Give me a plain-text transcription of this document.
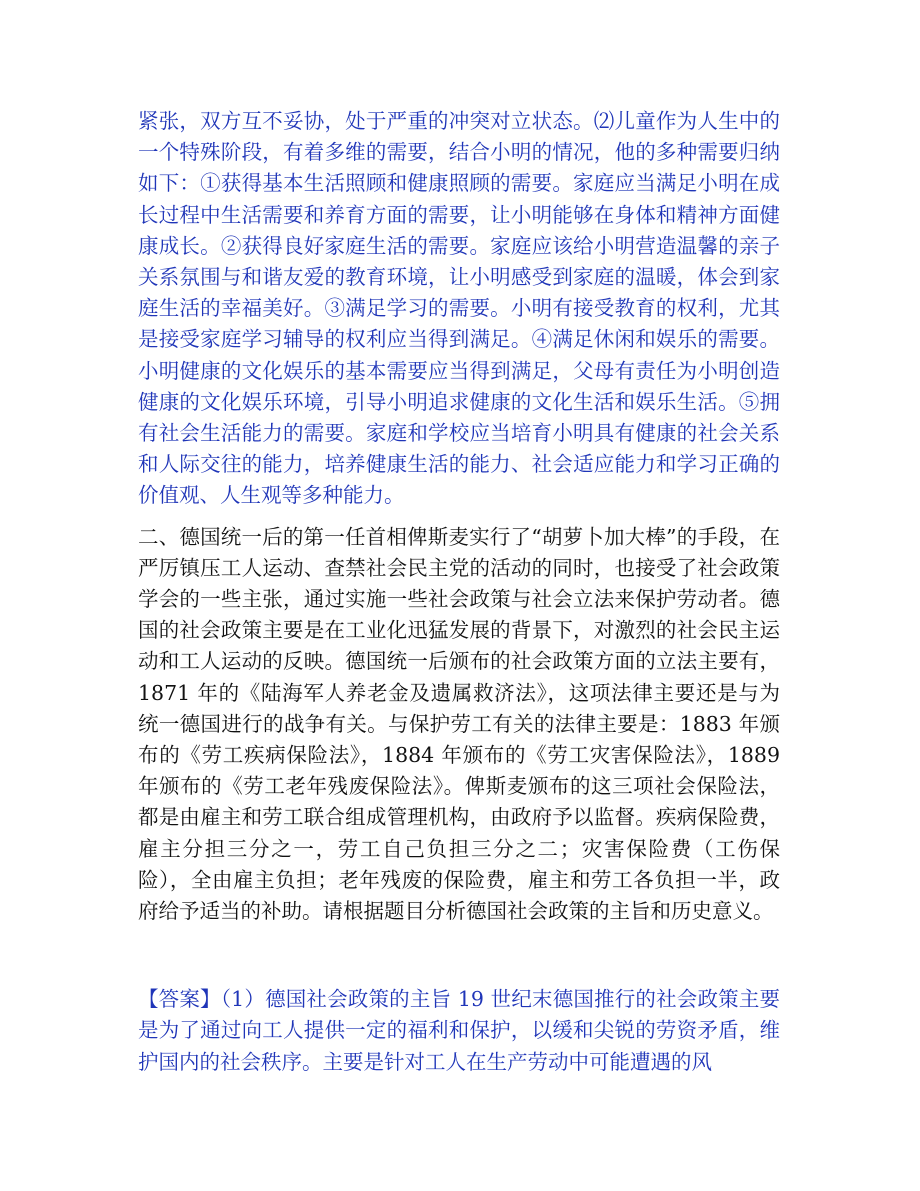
紧张，双方互不妥协，处于严重的冲突对立状态。⑵儿童作为人生中的一个特殊阶段，有着多维的需要，结合小明的情况，他的多种需要归纳如下：①获得基本生活照顾和健康照顾的需要。家庭应当满足小明在成长过程中生活需要和养育方面的需要，让小明能够在身体和精神方面健康成长。②获得良好家庭生活的需要。家庭应该给小明营造温馨的亲子关系氛围与和谐友爱的教育环境，让小明感受到家庭的温暖，体会到家庭生活的幸福美好。③满足学习的需要。小明有接受教育的权利，尤其是接受家庭学习辅导的权利应当得到满足。④满足休闲和娱乐的需要。小明健康的文化娱乐的基本需要应当得到满足，父母有责任为小明创造健康的文化娱乐环境，引导小明追求健康的文化生活和娱乐生活。⑤拥有社会生活能力的需要。家庭和学校应当培育小明具有健康的社会关系和人际交往的能力，培养健康生活的能力、社会适应能力和学习正确的价值观、人生观等多种能力。

二、德国统一后的第一任首相俾斯麦实行了“胡萝卜加大棒”的手段，在严厉镇压工人运动、查禁社会民主党的活动的同时，也接受了社会政策学会的一些主张，通过实施一些社会政策与社会立法来保护劳动者。德国的社会政策主要是在工业化迅猛发展的背景下，对激烈的社会民主运动和工人运动的反映。德国统一后颁布的社会政策方面的立法主要有，1871 年的《陆海军人养老金及遗属救济法》，这项法律主要还是与为统一德国进行的战争有关。与保护劳工有关的法律主要是：1883 年颁布的《劳工疾病保险法》，1884 年颁布的《劳工灾害保险法》，1889 年颁布的《劳工老年残废保险法》。俾斯麦颁布的这三项社会保险法，都是由雇主和劳工联合组成管理机构，由政府予以监督。疾病保险费，雇主分担三分之一，劳工自己负担三分之二；灾害保险费（工伤保险），全由雇主负担；老年残废的保险费，雇主和劳工各负担一半，政府给予适当的补助。请根据题目分析德国社会政策的主旨和历史意义。

【答案】（1）德国社会政策的主旨 19 世纪末德国推行的社会政策主要是为了通过向工人提供一定的福利和保护，以缓和尖锐的劳资矛盾，维护国内的社会秩序。主要是针对工人在生产劳动中可能遭遇的风
